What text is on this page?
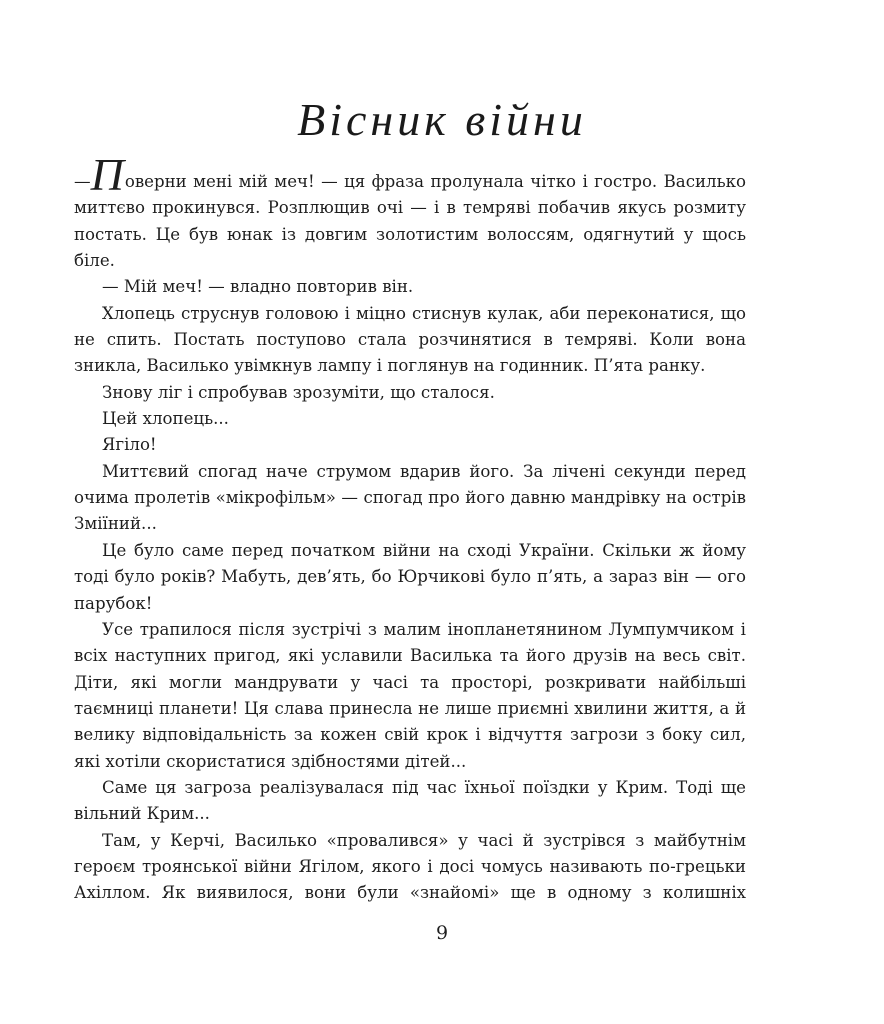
Вісник війни

—Поверни мені мій меч! — ця фраза пролунала чітко і гостро. Василько миттєво прокинувся. Розплющив очі — і в темряві побачив якусь розмиту постать. Це був юнак із довгим золотистим волоссям, одягнутий у щось біле.

— Мій меч! — владно повторив він.

Хлопець струснув головою і міцно стиснув кулак, аби переконатися, що не спить. Постать поступово стала розчинятися в темряві. Коли вона зникла, Василько увімкнув лампу і поглянув на годинник. П’ята ранку.

Знову ліг і спробував зрозуміти, що сталося.

Цей хлопець...

Ягіло!

Миттєвий спогад наче струмом вдарив його. За лічені секунди перед очима пролетів «мікрофільм» — спогад про його давню мандрівку на острів Зміїний...

Це було саме перед початком війни на сході України. Скільки ж йому тоді було років? Мабуть, дев’ять, бо Юрчикові було п’ять, а зараз він — ого парубок!

Усе трапилося після зустрічі з малим інопланетянином Лумпумчиком і всіх наступних пригод, які уславили Василька та його друзів на весь світ. Діти, які могли мандрувати у часі та просторі, розкривати найбільші таємниці планети! Ця слава принесла не лише приємні хвилини життя, а й велику відповідальність за кожен свій крок і відчуття загрози з боку сил, які хотіли скористатися здібностями дітей...

Саме ця загроза реалізувалася під час їхньої поїздки у Крим. Тоді ще вільний Крим...

Там, у Керчі, Василько «провалився» у часі й зустрівся з майбутнім героєм троянської війни Ягілом, якого і досі чомусь називають по-грецьки Ахіллом. Як виявилося, вони були «знайомі» ще в одному з колишніх

9
